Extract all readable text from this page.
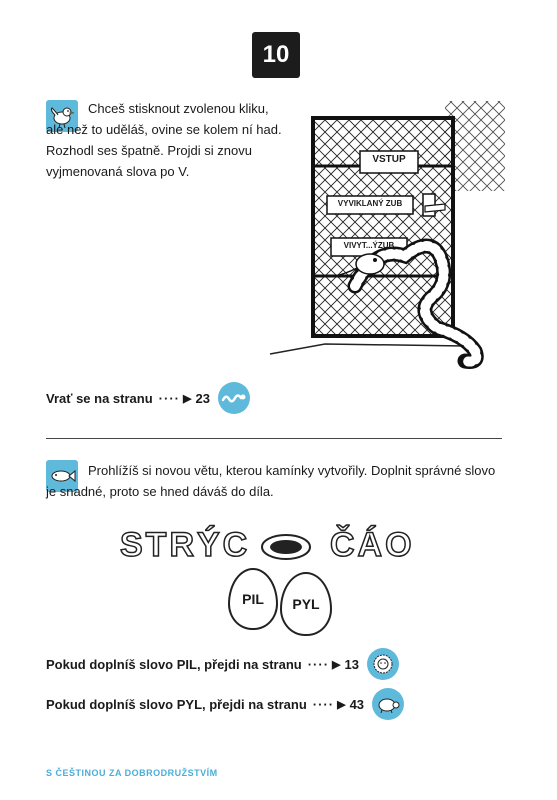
10
Chceš stisknout zvolenou kliku, ale než to uděláš, ovine se kolem ní had. Rozhodl ses špatně. Projdi si znovu vyjmenovaná slova po V.
VSTUP
VYVIKLANÝ ZUB
VIVYT...ÝZUB
Vrať se na stranu ···· ▶ 23
Prohlížíš si novou větu, kterou kamínky vytvořily. Doplnit správné slovo je snadné, proto se hned dáváš do díla.
STRÝC ČÁO
PIL	PYL
Pokud doplníš slovo PIL, přejdi na stranu ···· ▶ 13
Pokud doplníš slovo PYL, přejdi na stranu ···· ▶ 43
S ČEŠTINOU ZA DOBRODRUŽSTVÍM
